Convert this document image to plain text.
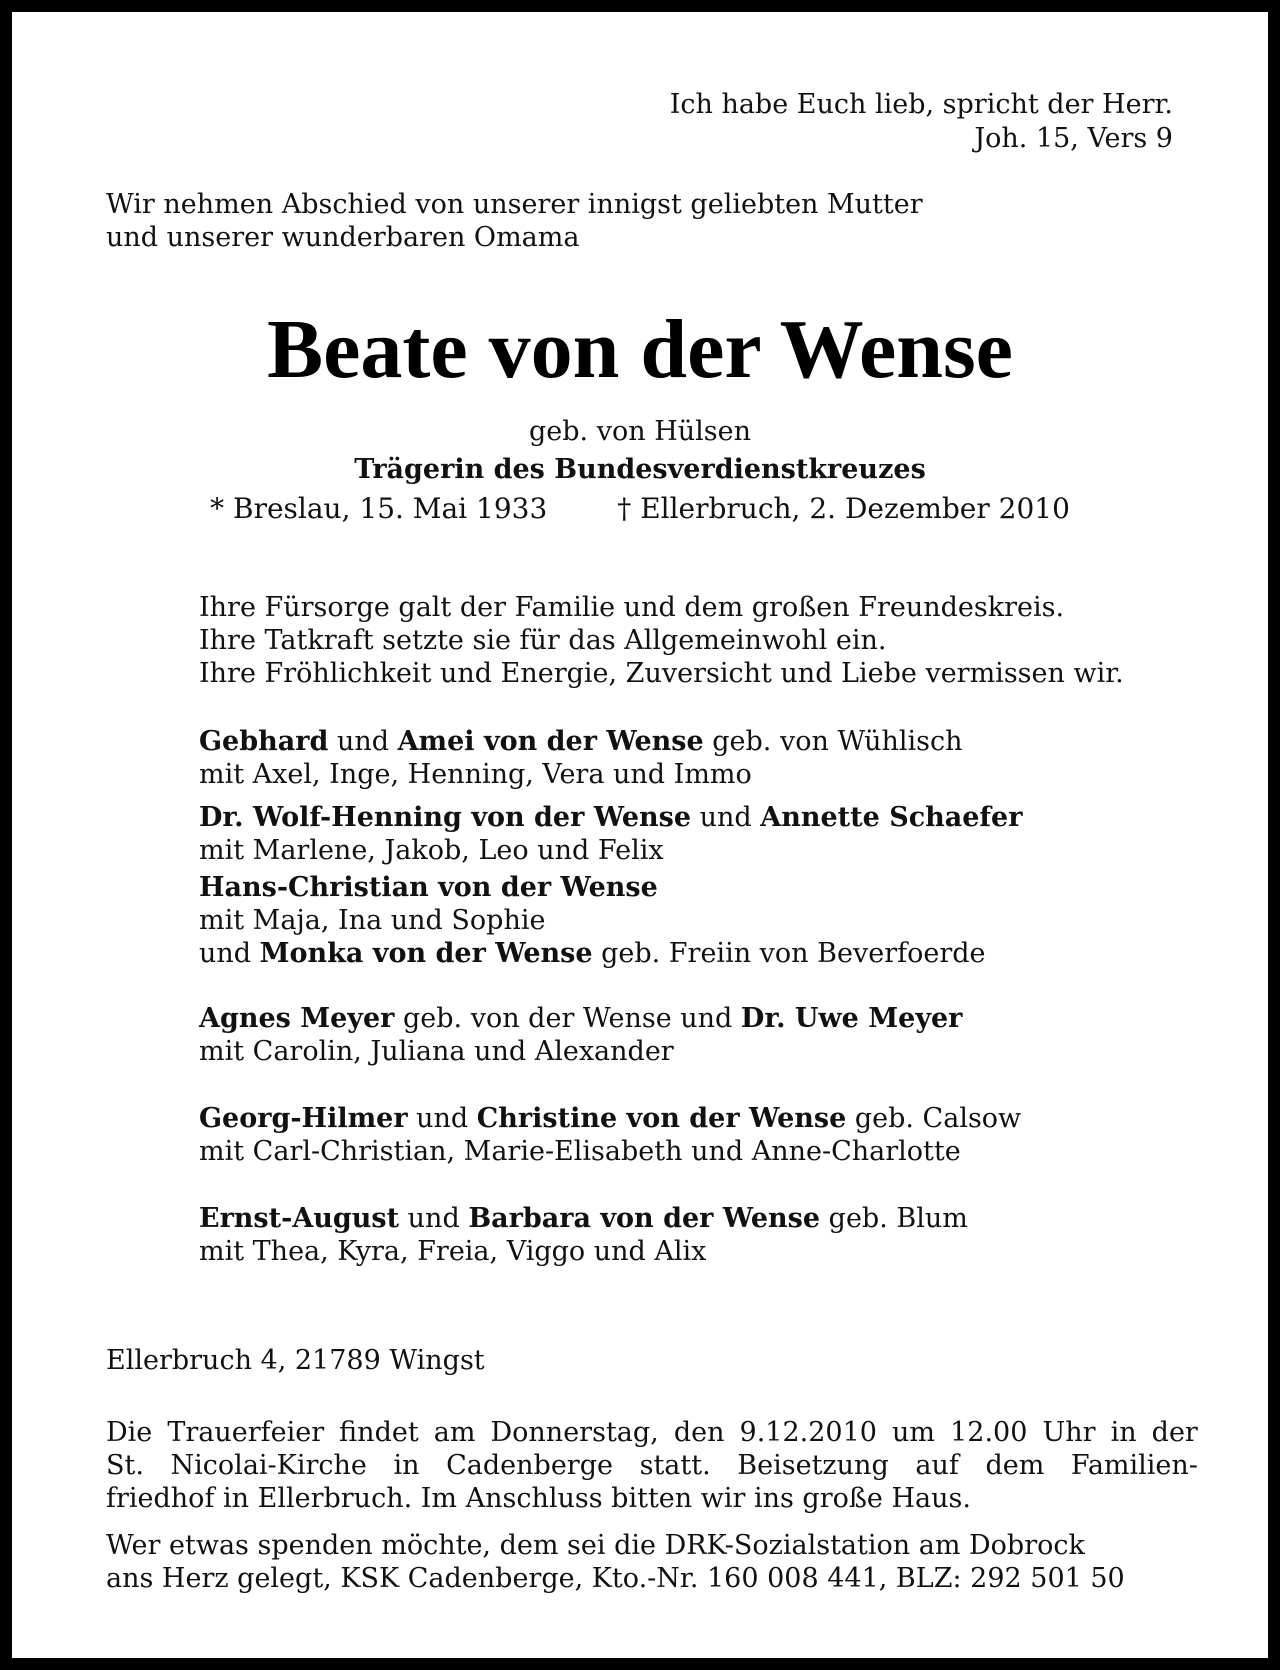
Ich habe Euch lieb, spricht der Herr.
Joh. 15, Vers 9
Wir nehmen Abschied von unserer innigst geliebten Mutter
und unserer wunderbaren Omama
Beate von der Wense
geb. von Hülsen
Trägerin des Bundesverdienstkreuzes
* Breslau, 15. Mai 1933	† Ellerbruch, 2. Dezember 2010
Ihre Fürsorge galt der Familie und dem großen Freundeskreis.
Ihre Tatkraft setzte sie für das Allgemeinwohl ein.
Ihre Fröhlichkeit und Energie, Zuversicht und Liebe vermissen wir.
Gebhard und Amei von der Wense geb. von Wühlisch
mit Axel, Inge, Henning, Vera und Immo
Dr. Wolf-Henning von der Wense und Annette Schaefer
mit Marlene, Jakob, Leo und Felix
Hans-Christian von der Wense
mit Maja, Ina und Sophie
und Monka von der Wense geb. Freiin von Beverfoerde
Agnes Meyer geb. von der Wense und Dr. Uwe Meyer
mit Carolin, Juliana und Alexander
Georg-Hilmer und Christine von der Wense geb. Calsow
mit Carl-Christian, Marie-Elisabeth und Anne-Charlotte
Ernst-August und Barbara von der Wense geb. Blum
mit Thea, Kyra, Freia, Viggo und Alix
Ellerbruch 4, 21789 Wingst
Die Trauerfeier findet am Donnerstag, den 9.12.2010 um 12.00 Uhr in der
St. Nicolai-Kirche in Cadenberge statt. Beisetzung auf dem Familien-
friedhof in Ellerbruch. Im Anschluss bitten wir ins große Haus.
Wer etwas spenden möchte, dem sei die DRK-Sozialstation am Dobrock
ans Herz gelegt, KSK Cadenberge, Kto.-Nr. 160 008 441, BLZ: 292 501 50
